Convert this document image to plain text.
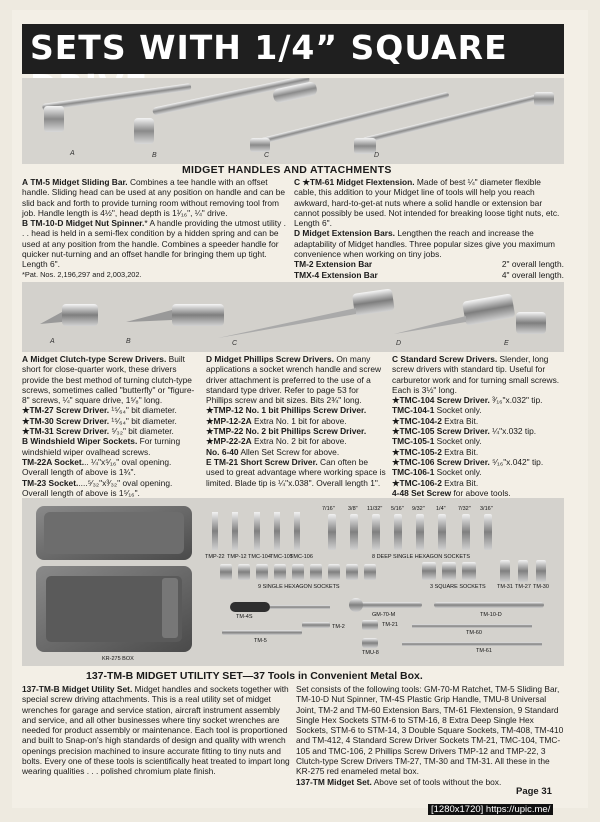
SETS WITH 1/4” SQUARE
A	B	C	D
MIDGET HANDLES AND ATTACHMENTS

A TM-5 Midget Sliding Bar. Combines a tee handle with an offset handle. Sliding head can be used at any position on handle and can be slid back and forth to provide turning room without removing tool from job. Handle length is 4½", head depth is 1¹⁄₁₆", ¼" drive.

B TM-10-D Midget Nut Spinner.* A handle providing the utmost utility . . . head is held in a semi-flex condition by a hidden spring and can be used at any position from the handle. Combines a speeder handle for quicker nut-turning and an offset handle for bringing them up tight. Length 6".

*Pat. Nos. 2,196,297 and 2,003,202.

C ★TM-61 Midget Flextension. Made of best ¼" diameter flexible cable, this addition to your Midget line of tools will help you reach awkward, hard-to-get-at nuts where a solid handle or extension bar cannot possibly be used. Not intended for breaking loose tight nuts, etc. Length 6".

D Midget Extension Bars. Lengthen the reach and increase the adaptability of Midget handles. Three popular sizes give you maximum convenience when working on tiny jobs.

TM-2 Extension Bar	2" overall length.
TMX-4 Extension Bar	4" overall length.
A	B	C	D	E

A Midget Clutch-type Screw Drivers. Built short for close-quarter work, these drivers provide the best method of turning clutch-type screws, sometimes called "butterfly" or "figure-8" screws, ¼" square drive, 1⁵⁄₈" long.

★TM-27 Screw Driver. ¹⁵⁄₆₄" bit diameter.

★TM-30 Screw Driver. ¹⁵⁄₆₄" bit diameter.

★TM-31 Screw Driver. ⁵⁄₃₂" bit diameter.

B Windshield Wiper Sockets. For turning windshield wiper ovalhead screws.

TM-22A Socket... ¼"x⁵⁄₁₆" oval opening. Overall length of above is 1¾".

TM-23 Socket.....⁵⁄₃₂"x³⁄₃₂" oval opening. Overall length of above is 1⁵⁄₁₆".

D Midget Phillips Screw Drivers. On many applications a socket wrench handle and screw driver attachment is preferred to the use of a standard type driver. Refer to page 53 for Phillips screw and bit sizes. Bits 2¾" long.

★TMP-12 No. 1 bit Phillips Screw Driver.

★MP-12-2A Extra No. 1 bit for above.

★TMP-22 No. 2 bit Phillips Screw Driver.

★MP-22-2A Extra No. 2 bit for above.

No. 6-40 Allen Set Screw for above.

E TM-21 Short Screw Driver. Can often be used to great advantage where working space is limited. Blade tip is ¼"x.038". Overall length 1".

C Standard Screw Drivers. Slender, long screw drivers with standard tip. Useful for carburetor work and for turning small screws. Each is 3½" long.

★TMC-104 Screw Driver. ³⁄₁₆"x.032" tip.

TMC-104-1 Socket only.

★TMC-104-2 Extra Bit.

★TMC-105 Screw Driver. ¼"x.032 tip.

TMC-105-1 Socket only.

★TMC-105-2 Extra Bit.

★TMC-106 Screw Driver. ⁵⁄₁₆"x.042" tip.

TMC-106-1 Socket only.

★TMC-106-2 Extra Bit.

4-48 Set Screw for above tools.

TMP-22 TMP-12 TMC-104 TMC-105
TMC-106
7/16" 3/8" 11/32" 5/16" 9/32" 1/4" 7/32" 3/16"
8 DEEP SINGLE HEXAGON SOCKETS
9 SINGLE HEXAGON SOCKETS	3 SQUARE SOCKETS TM-31 TM-27 TM-30
TM-4S	GM-70-M	TM-10-D
TM-21
TM-2
TM-5
TMU-8
TM-60
TM-61
KR-275 BOX
137-TM-B MIDGET UTILITY SET—37 Tools in Convenient Metal Box.

137-TM-B Midget Utility Set. Midget handles and sockets together with special screw driving attachments. This is a real utility set of midget wrenches for garage and service station, aircraft instrument assembly and service, and all other businesses where tiny socket wrenches are needed for product assembly or maintenance. Each tool is proportioned and built to Snap-on's high standards of design and quality with wrench openings precision machined to insure accurate fitting to tiny nuts and bolts. Every one of these tools is scientifically heat treated to impart long wearing qualities . . . polished chromium plate finish.

Set consists of the following tools: GM-70-M Ratchet, TM-5 Sliding Bar, TM-10-D Nut Spinner, TM-4S Plastic Grip Handle, TMU-8 Universal Joint, TM-2 and TM-60 Extension Bars, TM-61 Flextension, 9 Standard Single Hex Sockets STM-6 to STM-16, 8 Extra Deep Single Hex Sockets, STM-6 to STM-14, 3 Double Square Sockets, TM-408, TM-410 and TM-412, 4 Standard Screw Driver Sockets TM-21, TMC-104, TMC-105 and TMC-106, 2 Phillips Screw Drivers TMP-12 and TMP-22, 3 Clutch-type Screw Drivers TM-27, TM-30 and TM-31. All these in the KR-275 red enameled metal box.

137-TM Midget Set. Above set of tools without the box.

Page 31
[1280x1720] https://upic.me/
